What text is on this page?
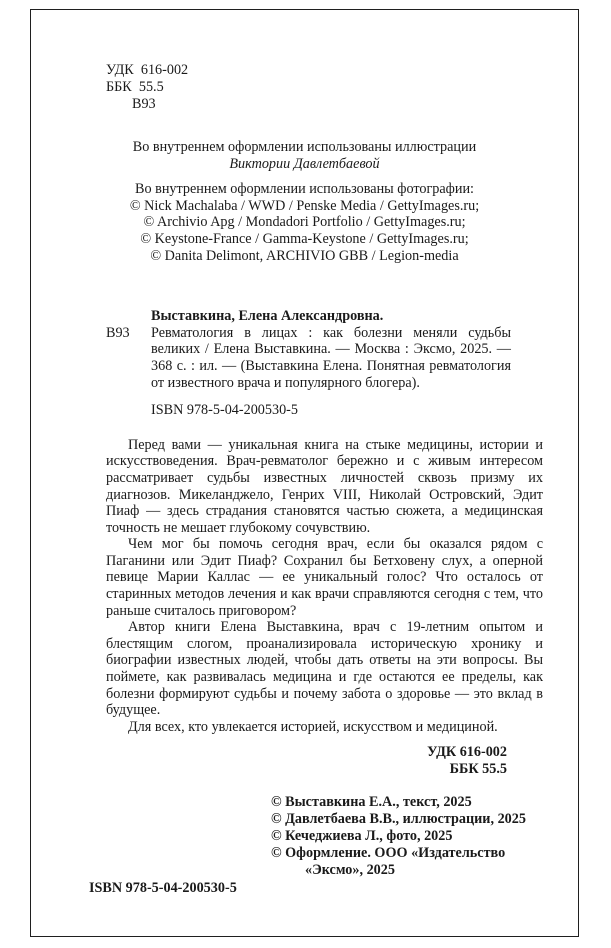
УДК  616-002
ББК  55.5
В93
Во внутреннем оформлении использованы иллюстрации
Виктории Давлетбаевой
Во внутреннем оформлении использованы фотографии:
© Nick Machalaba / WWD / Penske Media / GettyImages.ru;
© Archivio Apg / Mondadori Portfolio / GettyImages.ru;
© Keystone-France / Gamma-Keystone / GettyImages.ru;
© Danita Delimont, ARCHIVIO GBB / Legion-media
Выставкина, Елена Александровна.
В93 Ревматология в лицах : как болезни меняли судьбы великих / Елена Выставкина. — Москва : Эксмо, 2025. — 368 с. : ил. — (Выставкина Елена. Понятная ревматология от известного врача и популярного блогера).
ISBN 978-5-04-200530-5

Перед вами — уникальная книга на стыке медицины, истории и искусствоведения. Врач-ревматолог бережно и с живым интересом рассматривает судьбы известных личностей сквозь призму их диагнозов. Микеланджело, Генрих VIII, Николай Островский, Эдит Пиаф — здесь страдания становятся частью сюжета, а медицинская точность не мешает глубокому сочувствию.

Чем мог бы помочь сегодня врач, если бы оказался рядом с Паганини или Эдит Пиаф? Сохранил бы Бетховену слух, а оперной певице Марии Каллас — ее уникальный голос? Что осталось от старинных методов лечения и как врачи справляются сегодня с тем, что раньше считалось приговором?

Автор книги Елена Выставкина, врач с 19-летним опытом и блестящим слогом, проанализировала историческую хронику и биографии известных людей, чтобы дать ответы на эти вопросы. Вы поймете, как развивалась медицина и где остаются ее пределы, как болезни формируют судьбы и почему забота о здоровье — это вклад в будущее.

Для всех, кто увлекается историей, искусством и медициной.

УДК 616-002
ББК 55.5
© Выставкина Е.А., текст, 2025
© Давлетбаева В.В., иллюстрации, 2025
© Кечеджиева Л., фото, 2025
© Оформление. ООО «Издательство
«Эксмо», 2025
ISBN 978-5-04-200530-5
